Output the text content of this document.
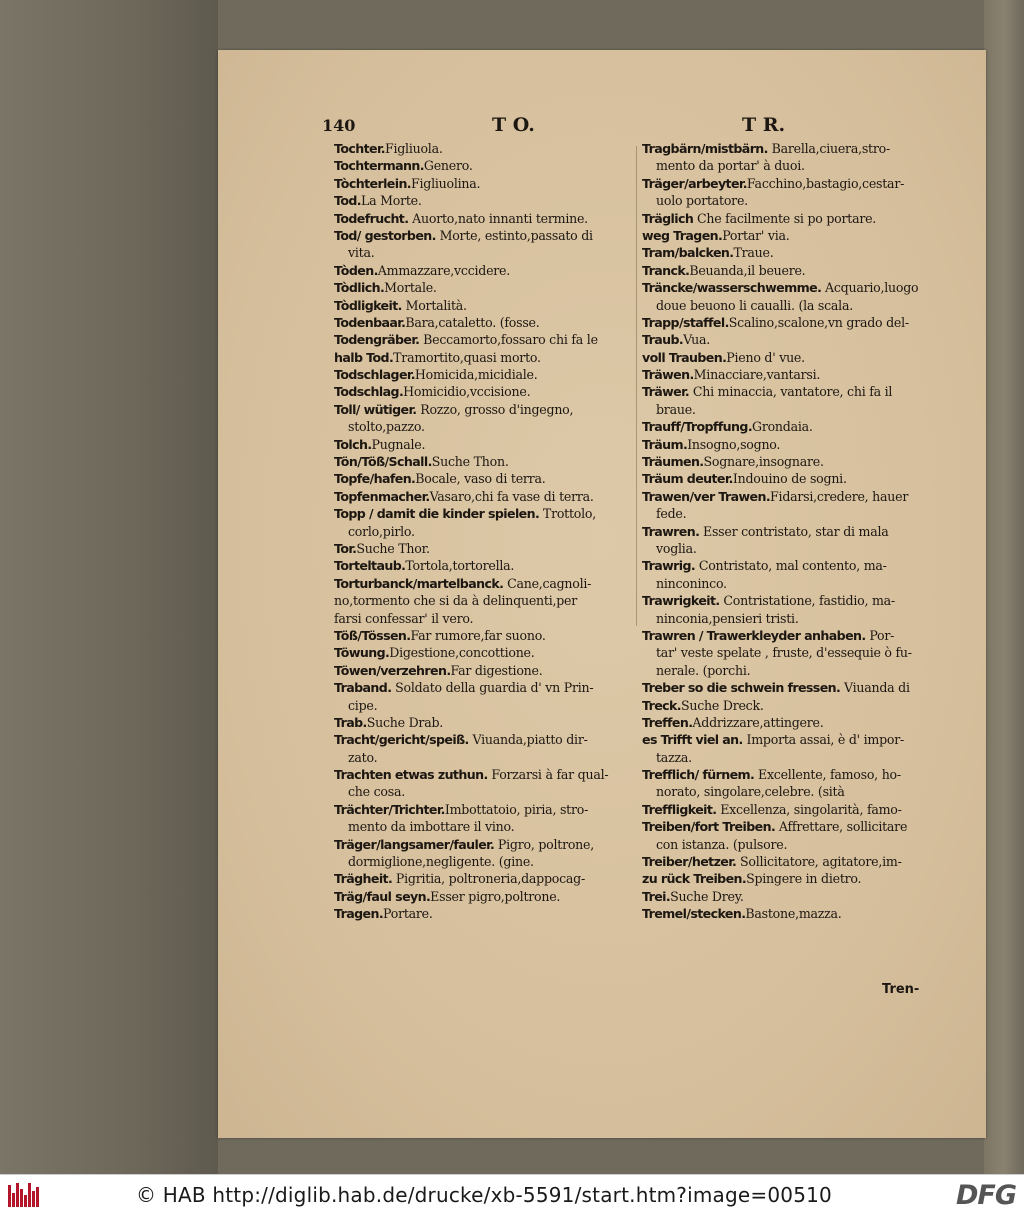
140	T O.	T R.
Tochter.Figliuola.
Tochtermann.Genero.
Tòchterlein.Figliuolina.
Tod.La Morte.
Todefrucht. Auorto,nato innanti termine.
Tod/ gestorben. Morte, estinto,passato di
vita.
Tòden.Ammazzare,vccidere.
Tòdlich.Mortale.
Tòdligkeit. Mortalità.
Todenbaar.Bara,cataletto. (fosse.
Todengräber. Beccamorto,fossaro chi fa le
halb Tod.Tramortito,quasi morto.
Todschlager.Homicida,micidiale.
Todschlag.Homicidio,vccisione.
Toll/ wütiger. Rozzo, grosso d'ingegno,
stolto,pazzo.
Tolch.Pugnale.
Tön/Töß/Schall.Suche Thon.
Topfe/hafen.Bocale, vaso di terra.
Topfenmacher.Vasaro,chi fa vase di terra.
Topp / damit die kinder spielen. Trottolo,
corlo,pirlo.
Tor.Suche Thor.
Torteltaub.Tortola,tortorella.
Torturbanck/martelbanck. Cane,cagnoli-
no,tormento che si da à delinquenti,per
farsi confessar' il vero.
Töß/Tössen.Far rumore,far suono.
Töwung.Digestione,concottione.
Töwen/verzehren.Far digestione.
Traband. Soldato della guardia d' vn Prin-
cipe.
Trab.Suche Drab.
Tracht/gericht/speiß. Viuanda,piatto dir-
zato.
Trachten etwas zuthun. Forzarsi à far qual-
che cosa.
Trächter/Trichter.Imbottatoio, piria, stro-
mento da imbottare il vino.
Träger/langsamer/fauler. Pigro, poltrone,
dormiglione,negligente. (gine.
Trägheit. Pigritia, poltroneria,dappocag-
Träg/faul seyn.Esser pigro,poltrone.
Tragen.Portare.
Tragbärn/mistbärn. Barella,ciuera,stro-
mento da portar' à duoi.
Träger/arbeyter.Facchino,bastagio,cestar-
uolo portatore.
Träglich Che facilmente si po portare.
weg Tragen.Portar' via.
Tram/balcken.Traue.
Tranck.Beuanda,il beuere.
Träncke/wasserschwemme. Acquario,luogo
doue beuono li caualli. (la scala.
Trapp/staffel.Scalino,scalone,vn grado del-
Traub.Vua.
voll Trauben.Pieno d' vue.
Träwen.Minacciare,vantarsi.
Träwer. Chi minaccia, vantatore, chi fa il
braue.
Trauff/Tropffung.Grondaia.
Träum.Insogno,sogno.
Träumen.Sognare,insognare.
Träum deuter.Indouino de sogni.
Trawen/ver Trawen.Fidarsi,credere, hauer
fede.
Trawren. Esser contristato, star di mala
voglia.
Trawrig. Contristato, mal contento, ma-
ninconinco.
Trawrigkeit. Contristatione, fastidio, ma-
ninconia,pensieri tristi.
Trawren / Trawerkleyder anhaben. Por-
tar' veste spelate , fruste, d'essequie ò fu-
nerale. (porchi.
Treber so die schwein fressen. Viuanda di
Treck.Suche Dreck.
Treffen.Addrizzare,attingere.
es Trifft viel an. Importa assai, è d' impor-
tazza.
Trefflich/ fürnem. Excellente, famoso, ho-
norato, singolare,celebre. (sità
Treffligkeit. Excellenza, singolarità, famo-
Treiben/fort Treiben. Affrettare, sollicitare
con istanza. (pulsore.
Treiber/hetzer. Sollicitatore, agitatore,im-
zu rück Treiben.Spingere in dietro.
Trei.Suche Drey.
Tremel/stecken.Bastone,mazza.
Tren-
© HAB http://diglib.hab.de/drucke/xb-5591/start.htm?image=00510	DFG
